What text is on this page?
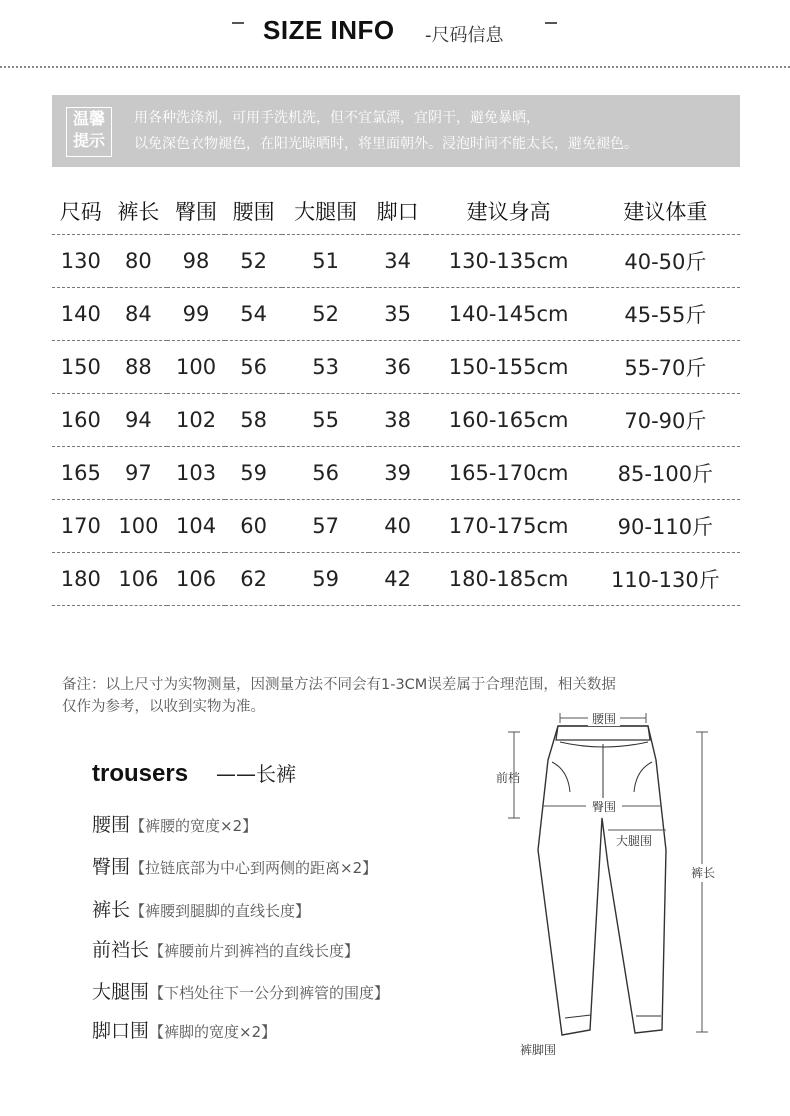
SIZE INFO -尺码信息
温馨
提示
用各种洗涤剂，可用手洗机洗，但不宜氯漂，宜阴干，避免暴晒，
以免深色衣物褪色，在阳光晾晒时，将里面朝外。浸泡时间不能太长，避免褪色。
尺码	裤长	臀围	腰围	大腿围	脚口	建议身高	建议体重
130	80	98	52	51	34	130-135cm	40-50斤
140	84	99	54	52	35	140-145cm	45-55斤
150	88	100	56	53	36	150-155cm	55-70斤
160	94	102	58	55	38	160-165cm	70-90斤
165	97	103	59	56	39	165-170cm	85-100斤
170	100	104	60	57	40	170-175cm	90-110斤
180	106	106	62	59	42	180-185cm	110-130斤
备注：以上尺寸为实物测量，因测量方法不同会有1-3CM误差属于合理范围，相关数据
仅作为参考，以收到实物为准。
trousers ——长裤
腰围【裤腰的宽度×2】
臀围【拉链底部为中心到两侧的距离×2】
裤长【裤腰到腿脚的直线长度】
前裆长【裤腰前片到裤裆的直线长度】
大腿围【下档处往下一公分到裤管的围度】
脚口围【裤脚的宽度×2】
腰围
前档
臀围
大腿围
裤长
裤脚围
